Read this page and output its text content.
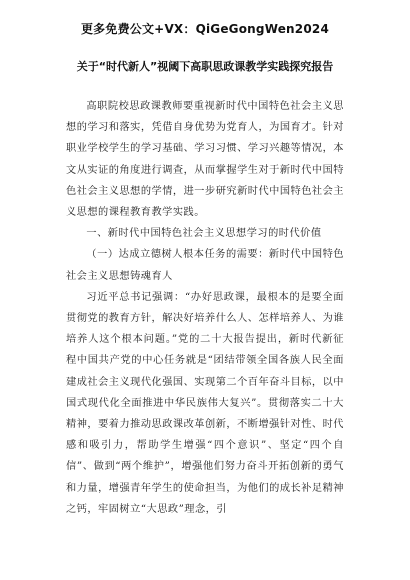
更多免费公文+VX：QiGeGongWen2024
关于“时代新人”视阈下高职思政课教学实践探究报告

高职院校思政课教师要重视新时代中国特色社会主义思想的学习和落实，凭借自身优势为党育人，为国育才。针对职业学校学生的学习基础、学习习惯、学习兴趣等情况，本文从实证的角度进行调查，从而掌握学生对于新时代中国特色社会主义思想的学情，进一步研究新时代中国特色社会主义思想的课程教育教学实践。

一、新时代中国特色社会主义思想学习的时代价值

（一）达成立德树人根本任务的需要：新时代中国特色社会主义思想铸魂育人

习近平总书记强调：“办好思政课，最根本的是要全面贯彻党的教育方针，解决好培养什么人、怎样培养人、为谁培养人这个根本问题。”党的二十大报告提出，新时代新征程中国共产党的中心任务就是“团结带领全国各族人民全面建成社会主义现代化强国、实现第二个百年奋斗目标，以中国式现代化全面推进中华民族伟大复兴”。贯彻落实二十大精神，要着力推动思政课改革创新，不断增强针对性、时代感和吸引力，帮助学生增强“四个意识”、坚定“四个自信”、做到“两个维护”，增强他们努力奋斗开拓创新的勇气和力量，增强青年学生的使命担当，为他们的成长补足精神之钙，牢固树立“大思政”理念，引
